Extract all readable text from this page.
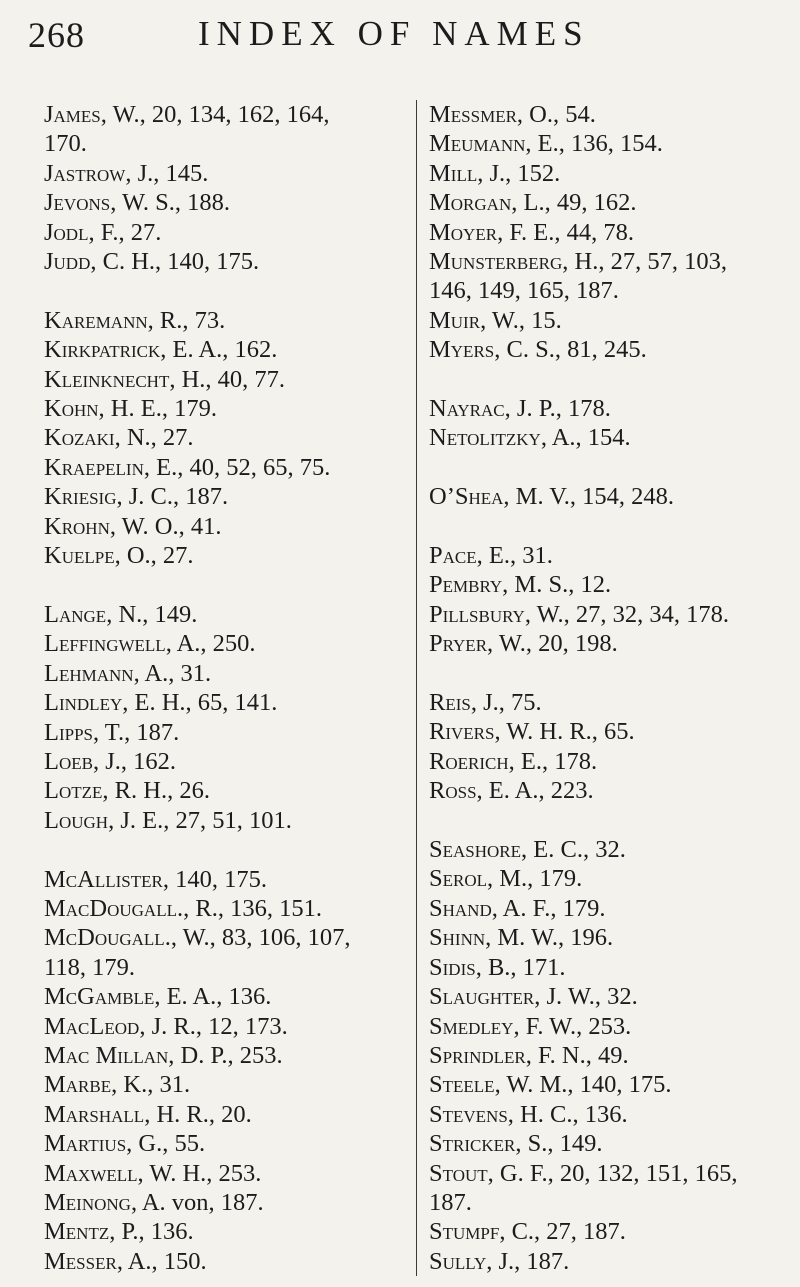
268	INDEX OF NAMES
James, W., 20, 134, 162, 164,
170.
Jastrow, J., 145.
Jevons, W. S., 188.
Jodl, F., 27.
Judd, C. H., 140, 175.
Karemann, R., 73.
Kirkpatrick, E. A., 162.
Kleinknecht, H., 40, 77.
Kohn, H. E., 179.
Kozaki, N., 27.
Kraepelin, E., 40, 52, 65, 75.
Kriesig, J. C., 187.
Krohn, W. O., 41.
Kuelpe, O., 27.
Lange, N., 149.
Leffingwell, A., 250.
Lehmann, A., 31.
Lindley, E. H., 65, 141.
Lipps, T., 187.
Loeb, J., 162.
Lotze, R. H., 26.
Lough, J. E., 27, 51, 101.
McAllister, 140, 175.
MacDougall., R., 136, 151.
McDougall., W., 83, 106, 107,
118, 179.
McGamble, E. A., 136.
MacLeod, J. R., 12, 173.
Mac Millan, D. P., 253.
Marbe, K., 31.
Marshall, H. R., 20.
Martius, G., 55.
Maxwell, W. H., 253.
Meinong, A. von, 187.
Mentz, P., 136.
Messer, A., 150.
Messmer, O., 54.
Meumann, E., 136, 154.
Mill, J., 152.
Morgan, L., 49, 162.
Moyer, F. E., 44, 78.
Munsterberg, H., 27, 57, 103,
146, 149, 165, 187.
Muir, W., 15.
Myers, C. S., 81, 245.
Nayrac, J. P., 178.
Netolitzky, A., 154.
O’Shea, M. V., 154, 248.
Pace, E., 31.
Pembry, M. S., 12.
Pillsbury, W., 27, 32, 34, 178.
Pryer, W., 20, 198.
Reis, J., 75.
Rivers, W. H. R., 65.
Roerich, E., 178.
Ross, E. A., 223.
Seashore, E. C., 32.
Serol, M., 179.
Shand, A. F., 179.
Shinn, M. W., 196.
Sidis, B., 171.
Slaughter, J. W., 32.
Smedley, F. W., 253.
Sprindler, F. N., 49.
Steele, W. M., 140, 175.
Stevens, H. C., 136.
Stricker, S., 149.
Stout, G. F., 20, 132, 151, 165,
187.
Stumpf, C., 27, 187.
Sully, J., 187.
